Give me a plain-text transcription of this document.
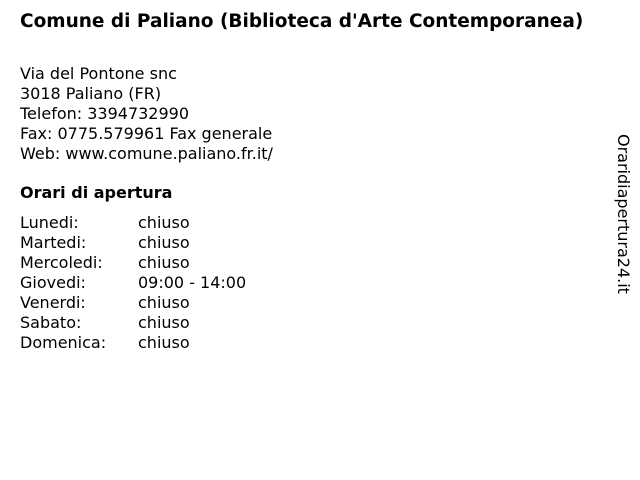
Comune di Paliano (Biblioteca d'Arte Contemporanea)
Via del Pontone snc
3018 Paliano (FR)
Telefon: 3394732990
Fax: 0775.579961 Fax generale
Web: www.comune.paliano.fr.it/
Orari di apertura
Lunedi:	chiuso
Martedi:	chiuso
Mercoledi:	chiuso
Giovedi:	09:00 - 14:00
Venerdi:	chiuso
Sabato:	chiuso
Domenica:	chiuso
Oraridiapertura24.it
